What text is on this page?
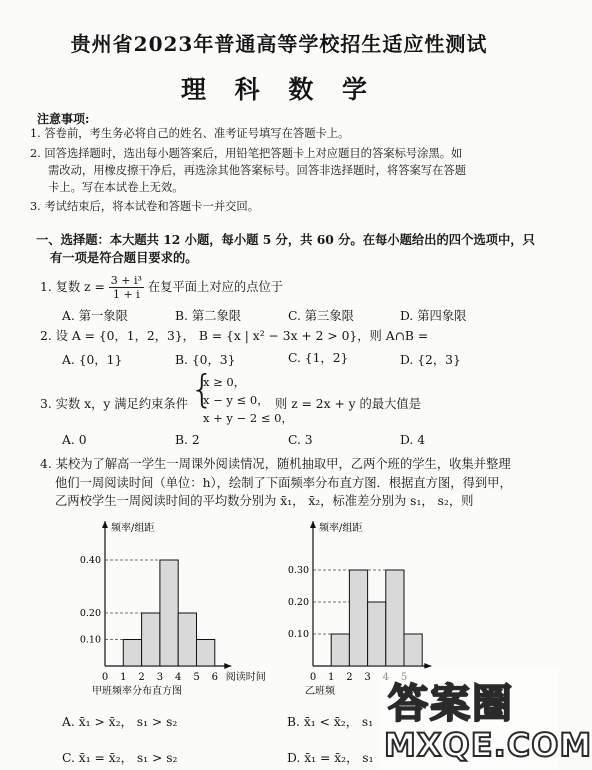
贵州省2023年普通高等学校招生适应性测试
理 科 数 学
注意事项:
1. 答卷前，考生务必将自己的姓名、准考证号填写在答题卡上。
2. 回答选择题时，选出每小题答案后，用铅笔把答题卡上对应题目的答案标号涂黑。如
需改动，用橡皮擦干净后，再选涂其他答案标号。回答非选择题时，将答案写在答题
卡上。写在本试卷上无效。
3. 考试结束后，将本试卷和答题卡一并交回。
一、选择题：本大题共 12 小题，每小题 5 分，共 60 分。在每小题给出的四个选项中，只
有一项是符合题目要求的。
1. 复数 $z = \frac{\text{3 + i³}}{1 + i}$ 在复平面上对应的点位于
A. 第一象限	B. 第二象限	C. 第三象限	D. 第四象限
2. 设 A = {0，1，2，3}， B = {x | x² − 3x + 2 > 0}，则 A∩B =
A. {0，1}	B. {0，3}	C. {1，2}	D. {2，3}
3. 实数 x，y 满足约束条件 {
x ≥ 0，
x − y ≤ 0，
x + y − 2 ≤ 0，
则 z = 2x + y 的最大值是
A. 0	B. 2	C. 3	D. 4
4. 某校为了解高一学生一周课外阅读情况，随机抽取甲，乙两个班的学生，收集并整理
他们一周阅读时间（单位：h），绘制了下面频率分布直方图．根据直方图，得到甲，
乙两校学生一周阅读时间的平均数分别为 x̄₁， x̄₂，标准差分别为 s₁， s₂，则
频率/组距
0.10
0.20
0.40
0 1 2 3 4 5 6 阅读时间
甲班频率分布直方图
频率/组距
0.10
0.20
0.30
0 1 2 3
乙班频
A. x̄₁ > x̄₂， s₁ > s₂	B. x̄₁ < x̄₂， s₁
C. x̄₁ = x̄₂， s₁ > s₂	D. x̄₁ = x̄₂， s₁
答案圈
MXQE.COM
